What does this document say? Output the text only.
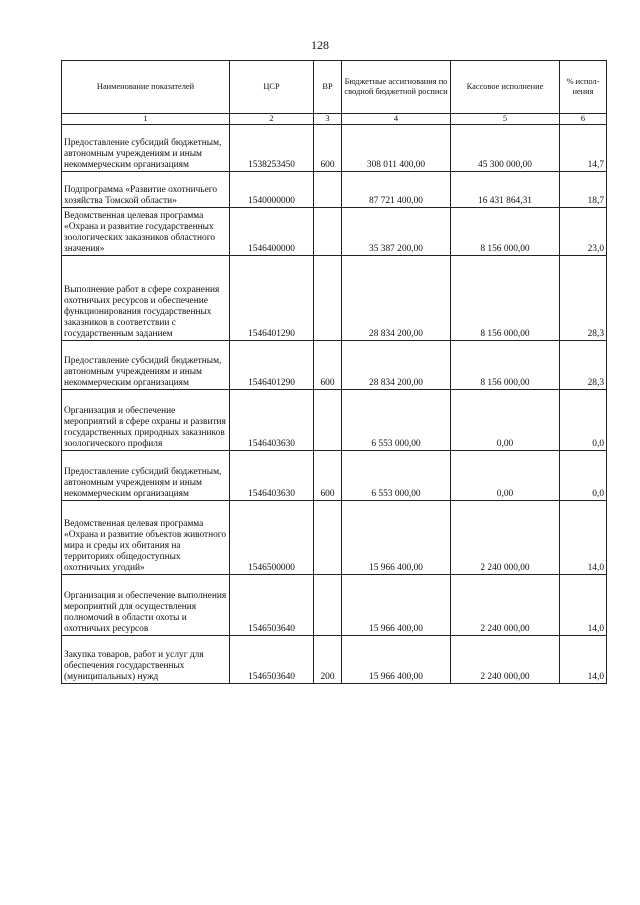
128
Наименование показателей	ЦСР	ВР	Бюджетные ассигнования по сводной бюджетной росписи	Кассовое исполнение	% испол-нения
1	2	3	4	5	6
Предоставление субсидий бюджетным, автономным учреждениям и иным некоммерческим организациям	1538253450	600	308 011 400,00	45 300 000,00	14,7
Подпрограмма «Развитие охотничьего хозяйства Томской области»	1540000000		87 721 400,00	16 431 864,31	18,7
Ведомственная целевая программа «Охрана и развитие государственных зоологических заказников областного значения»	1546400000		35 387 200,00	8 156 000,00	23,0
Выполнение работ в сфере сохранения охотничьих ресурсов и обеспечение функционирования государственных заказников в соответствии с государственным заданием	1546401290		28 834 200,00	8 156 000,00	28,3
Предоставление субсидий бюджетным, автономным учреждениям и иным некоммерческим организациям	1546401290	600	28 834 200,00	8 156 000,00	28,3
Организация и обеспечение мероприятий в сфере охраны и развития государственных природных заказников зоологического профиля	1546403630		6 553 000,00	0,00	0,0
Предоставление субсидий бюджетным, автономным учреждениям и иным некоммерческим организациям	1546403630	600	6 553 000,00	0,00	0,0
Ведомственная целевая программа «Охрана и развитие объектов животного мира и среды их обитания на территориях общедоступных охотничьих угодий»	1546500000		15 966 400,00	2 240 000,00	14,0
Организация и обеспечение выполнения мероприятий для осуществления полномочий в области охоты и охотничьих ресурсов	1546503640		15 966 400,00	2 240 000,00	14,0
Закупка товаров, работ и услуг для обеспечения государственных (муниципальных) нужд	1546503640	200	15 966 400,00	2 240 000,00	14,0
